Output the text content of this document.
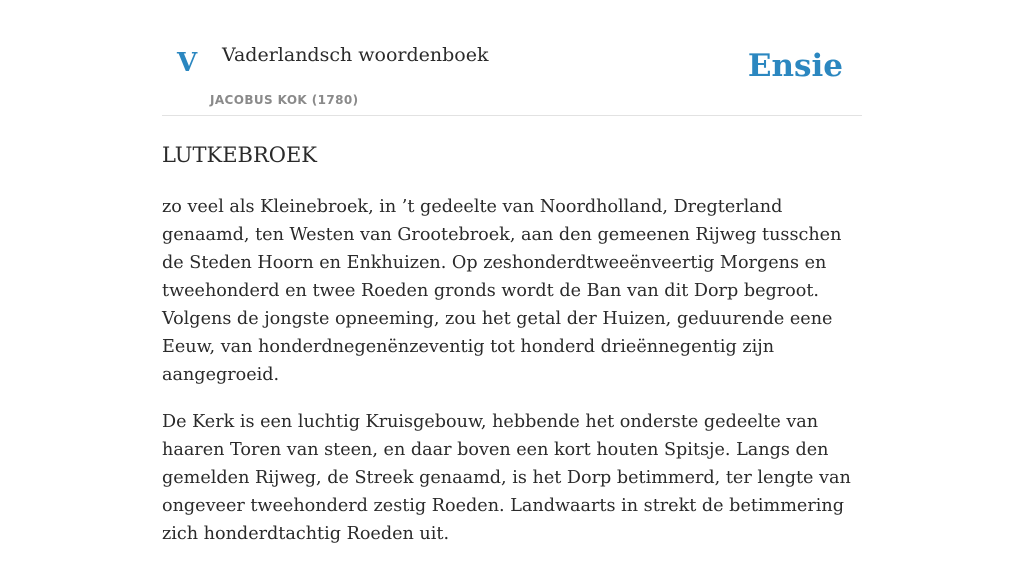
V Vaderlandsch woordenboek
JACOBUS KOK (1780)
Ensie
LUTKEBROEK

zo veel als Kleinebroek, in ’t gedeelte van Noordholland, Dregterland genaamd, ten Westen van Grootebroek, aan den gemeenen Rijweg tusschen de Steden Hoorn en Enkhuizen. Op zeshonderdtweeënveertig Morgens en tweehonderd en twee Roeden gronds wordt de Ban van dit Dorp begroot. Volgens de jongste opneeming, zou het getal der Huizen, geduurende eene Eeuw, van honderdnegenënzeventig tot honderd drieënnegentig zijn aangegroeid.

De Kerk is een luchtig Kruisgebouw, hebbende het onderste gedeelte van haaren Toren van steen, en daar boven een kort houten Spitsje. Langs den gemelden Rijweg, de Streek genaamd, is het Dorp betimmerd, ter lengte van ongeveer tweehonderd zestig Roeden. Landwaarts in strekt de betimmering zich honderdtachtig Roeden uit.
